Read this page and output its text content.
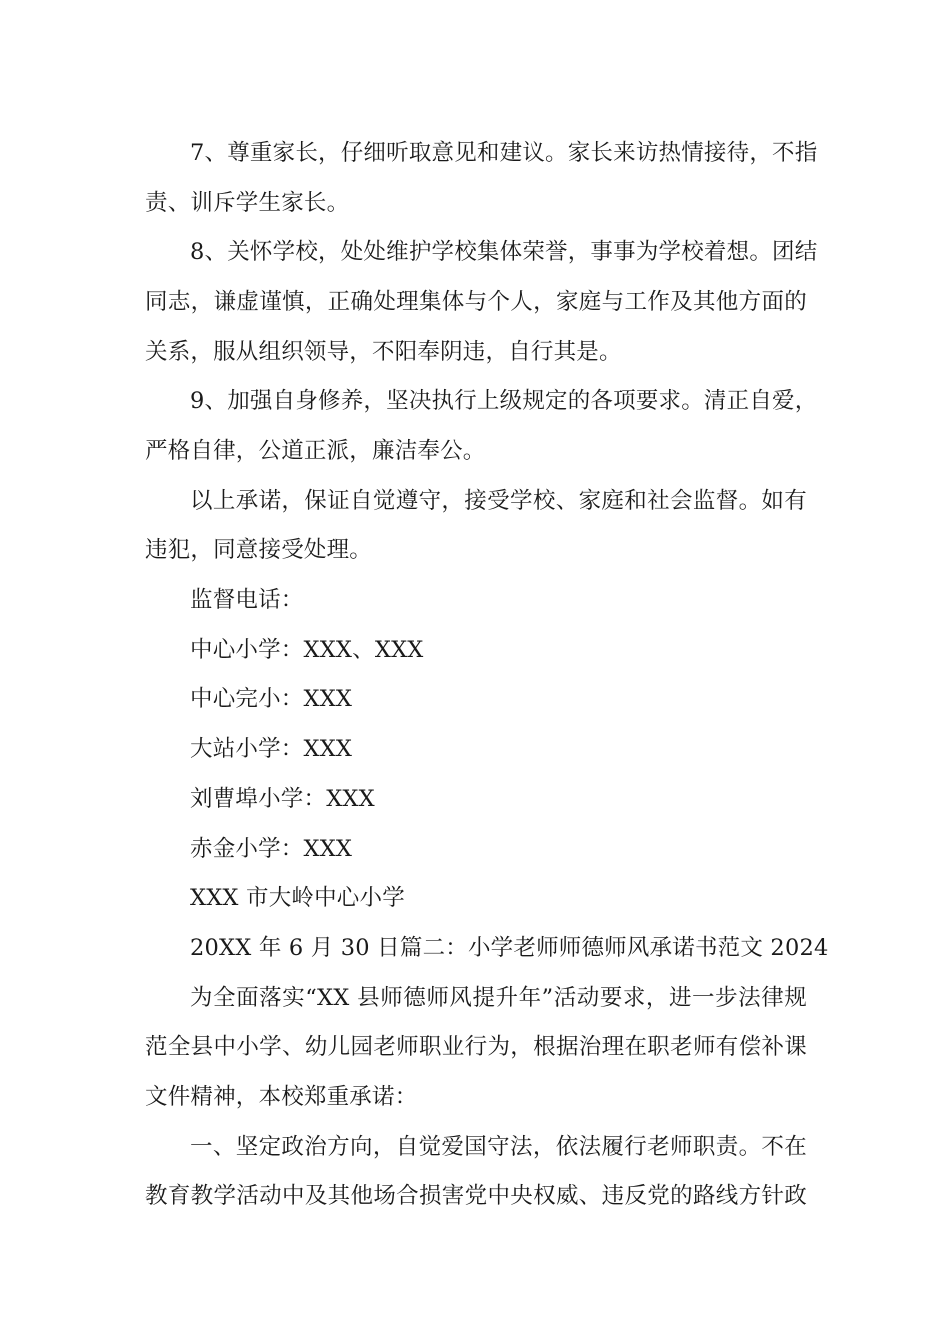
7、尊重家长，仔细听取意见和建议。家长来访热情接待，不指
责、训斥学生家长。
8、关怀学校，处处维护学校集体荣誉，事事为学校着想。团结
同志，谦虚谨慎，正确处理集体与个人，家庭与工作及其他方面的
关系，服从组织领导，不阳奉阴违，自行其是。
9、加强自身修养，坚决执行上级规定的各项要求。清正自爱，
严格自律，公道正派，廉洁奉公。
以上承诺，保证自觉遵守，接受学校、家庭和社会监督。如有
违犯，同意接受处理。
监督电话：
中心小学：XXX、XXX
中心完小：XXX
大站小学：XXX
刘曹埠小学：XXX
赤金小学：XXX
XXX 市大岭中心小学
20XX 年 6 月 30 日篇二：小学老师师德师风承诺书范文 2024
为全面落实“XX 县师德师风提升年”活动要求，进一步法律规
范全县中小学、幼儿园老师职业行为，根据治理在职老师有偿补课
文件精神，本校郑重承诺：
一、坚定政治方向，自觉爱国守法，依法履行老师职责。不在
教育教学活动中及其他场合损害党中央权威、违反党的路线方针政
